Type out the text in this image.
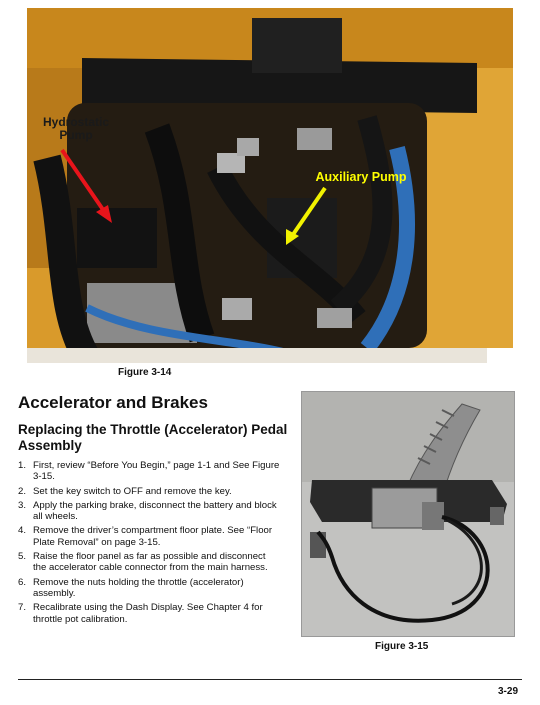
Hydrostatic
Pump
Auxiliary Pump
Figure 3-14
Accelerator and Brakes
Replacing the Throttle (Accelerator) Pedal Assembly
1. First, review “Before You Begin,” page 1-1 and See Figure 3-15.
2. Set the key switch to OFF and remove the key.
3. Apply the parking brake, disconnect the battery and block all wheels.
4. Remove the driver’s compartment floor plate. See “Floor Plate Removal” on page 3-15.
5. Raise the floor panel as far as possible and disconnect the accelerator cable connector from the main harness.
6. Remove the nuts holding the throttle (accelerator) assembly.
7. Recalibrate using the Dash Display. See Chapter 4 for throttle pot calibration.
Figure 3-15
3-29
